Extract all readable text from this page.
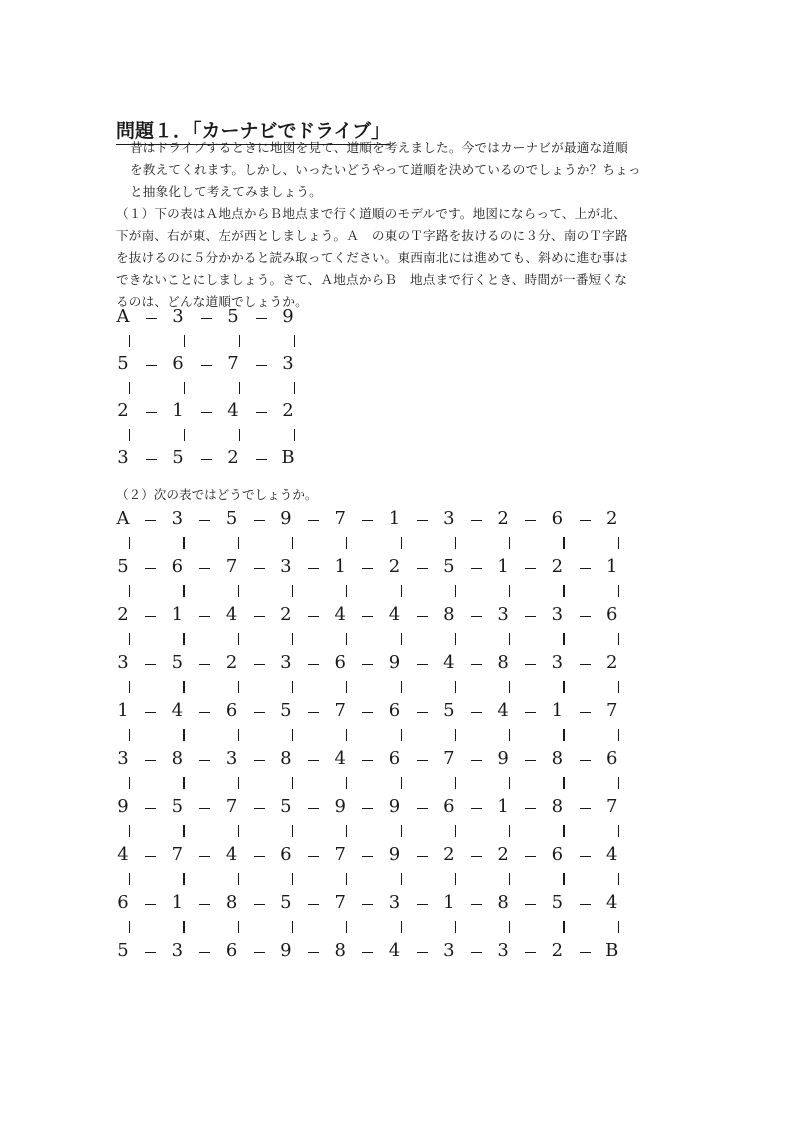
問題１．「カーナビでドライブ」

昔はドライブするときに地図を見て、道順を考えました。今ではカーナビが最適な道順
を教えてくれます。しかし、いったいどうやって道順を決めているのでしょうか？ちょっ
と抽象化して考えてみましょう。

（１）下の表はＡ地点からＢ地点まで行く道順のモデルです。地図にならって、上が北、
下が南、右が東、左が西としましょう。Ａ　の東のＴ字路を抜けるのに３分、南のＴ字路
を抜けるのに５分かかると読み取ってください。東西南北には進めても、斜めに進む事は
できないことにしましょう。さて、Ａ地点からＢ　地点まで行くとき、時間が一番短くな
るのは、どんな道順でしょうか。

A	3	5	9
5	6	7	3
2	1	4	2
3	5	2	B
（２）次の表ではどうでしょうか。
A	3	5	9	7	1	3	2	6	2
5	6	7	3	1	2	5	1	2	1
2	1	4	2	4	4	8	3	3	6
3	5	2	3	6	9	4	8	3	2
1	4	6	5	7	6	5	4	1	7
3	8	3	8	4	6	7	9	8	6
9	5	7	5	9	9	6	1	8	7
4	7	4	6	7	9	2	2	6	4
6	1	8	5	7	3	1	8	5	4
5	3	6	9	8	4	3	3	2	B
